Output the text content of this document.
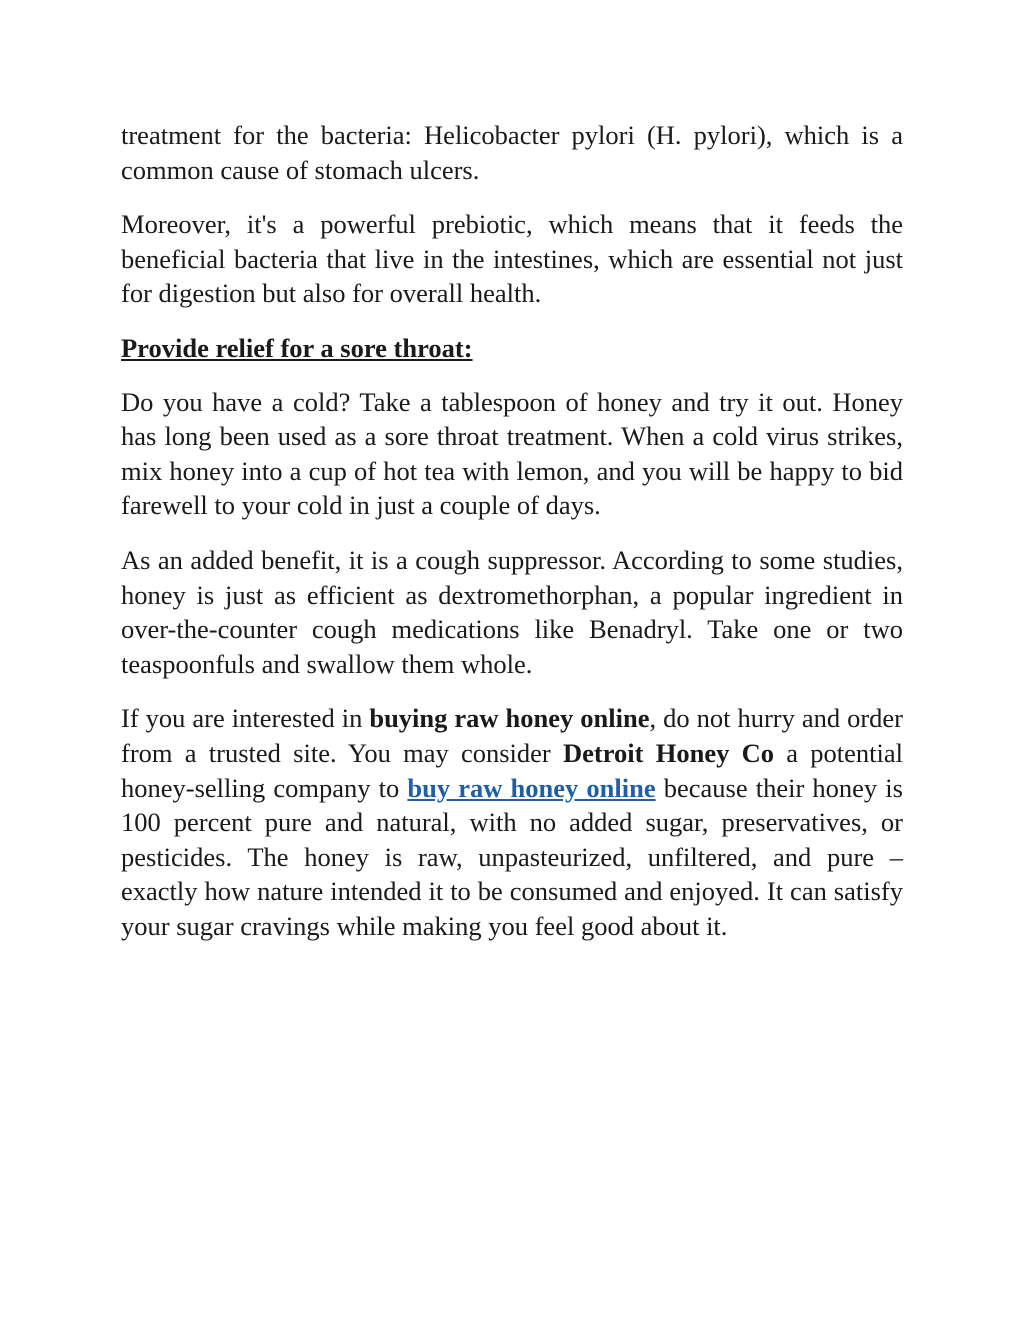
treatment for the bacteria: Helicobacter pylori (H. pylori), which is a common cause of stomach ulcers.

Moreover, it's a powerful prebiotic, which means that it feeds the beneficial bacteria that live in the intestines, which are essential not just for digestion but also for overall health.

Provide relief for a sore throat:

Do you have a cold? Take a tablespoon of honey and try it out. Honey has long been used as a sore throat treatment. When a cold virus strikes, mix honey into a cup of hot tea with lemon, and you will be happy to bid farewell to your cold in just a couple of days.

As an added benefit, it is a cough suppressor. According to some studies, honey is just as efficient as dextromethorphan, a popular ingredient in over-the-counter cough medications like Benadryl. Take one or two teaspoonfuls and swallow them whole.

If you are interested in buying raw honey online, do not hurry and order from a trusted site. You may consider Detroit Honey Co a potential honey-selling company to buy raw honey online because their honey is 100 percent pure and natural, with no added sugar, preservatives, or pesticides. The honey is raw, unpasteurized, unfiltered, and pure – exactly how nature intended it to be consumed and enjoyed. It can satisfy your sugar cravings while making you feel good about it.
